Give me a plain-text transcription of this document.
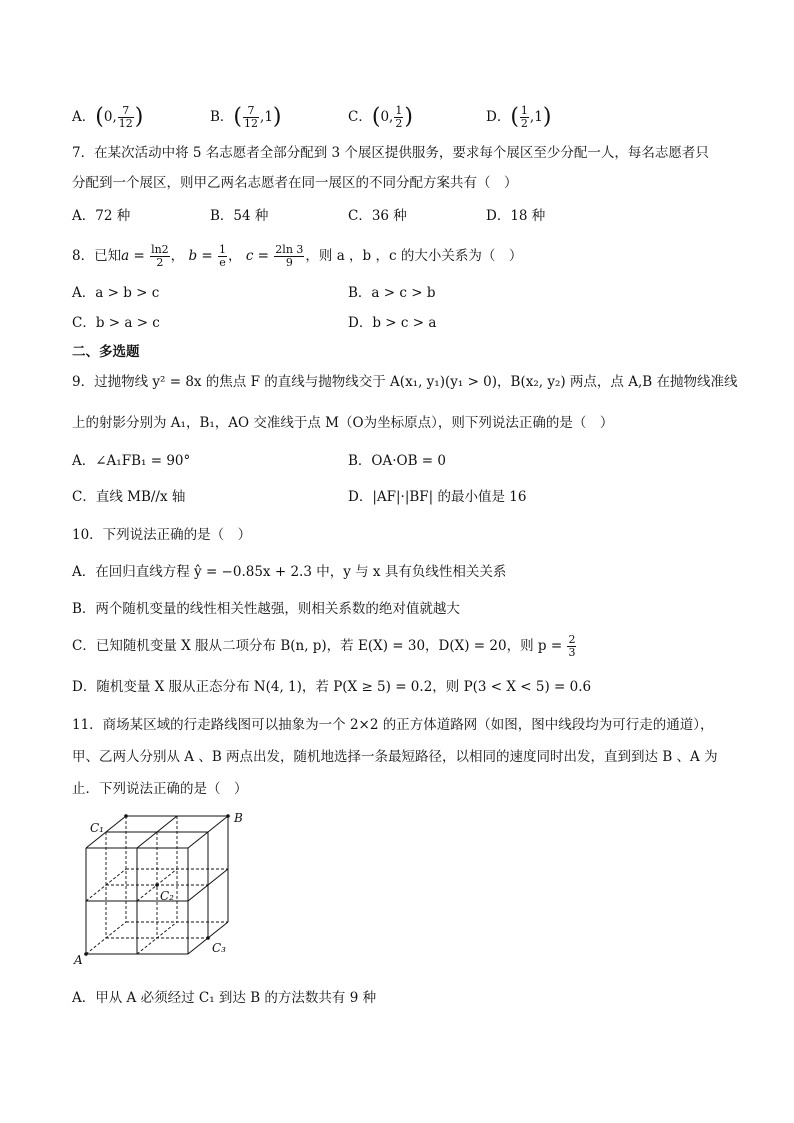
A．(0, $\frac{7}{12}$ )	B．( $\frac{7}{12} ,1$)	C．(0, $\frac{1}{2}$ )	D．( $\frac{1}{2} ,1$)
7．在某次活动中将 5 名志愿者全部分配到 3 个展区提供服务，要求每个展区至少分配一人，每名志愿者只
分配到一个展区，则甲乙两名志愿者在同一展区的不同分配方案共有（　）
A．72 种	B．54 种	C．36 种	D．18 种
8．已知$a = \frac{\ln 2}{2}$ ， $b = \frac{1}{e}$ ， $c = \frac{2\ln 3}{9}$ ，则 a ，b ，c 的大小关系为（　）
A．a > b > c	B．a > c > b
C．b > a > c	D．b > c > a
二、多选题
9．过抛物线 y² = 8x 的焦点 F 的直线与抛物线交于 A(x₁, y₁)(y₁ > 0)，B(x₂, y₂) 两点，点 A,B 在抛物线准线
上的射影分别为 A₁，B₁，AO 交准线于点 M（O为坐标原点），则下列说法正确的是（　）
A．∠A₁FB₁ = 90°	B．OA·OB = 0
C．直线 MB//x 轴	D．|AF|·|BF| 的最小值是 16
10．下列说法正确的是（　）
A．在回归直线方程 ŷ = −0.85x + 2.3 中，y 与 x 具有负线性相关关系
B．两个随机变量的线性相关性越强，则相关系数的绝对值就越大
C．已知随机变量 X 服从二项分布 B(n, p)，若 E(X) = 30，D(X) = 20，则 $p = \frac{2}{3}$
D．随机变量 X 服从正态分布 N(4, 1)，若 P(X ≥ 5) = 0.2，则 P(3 < X < 5) = 0.6
11．商场某区域的行走路线图可以抽象为一个 2×2 的正方体道路网（如图，图中线段均为可行走的通道），
甲、乙两人分别从 A 、B 两点出发，随机地选择一条最短路径，以相同的速度同时出发，直到到达 B 、A 为
止．下列说法正确的是（　）
C₁
B
C₂
C₃
A
A．甲从 A 必须经过 C₁ 到达 B 的方法数共有 9 种
